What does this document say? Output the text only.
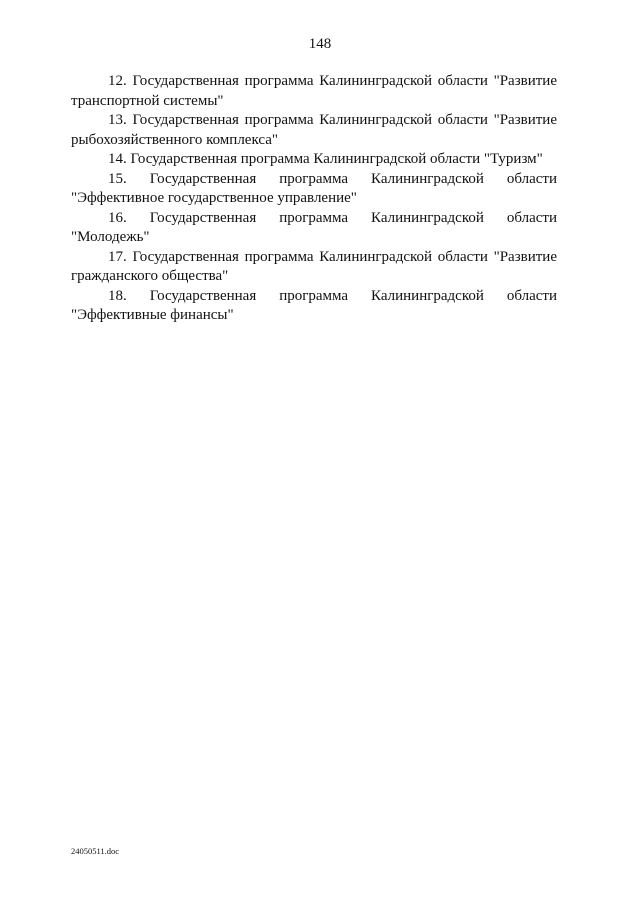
148

12. Государственная программа Калининградской области "Развитие транспортной системы"

13. Государственная программа Калининградской области "Развитие рыбохозяйственного комплекса"

14. Государственная программа Калининградской области "Туризм"

15. Государственная программа Калининградской области "Эффективное государственное управление"

16. Государственная программа Калининградской области "Молодежь"

17. Государственная программа Калининградской области "Развитие гражданского общества"

18. Государственная программа Калининградской области "Эффективные финансы"

24050511.doc
